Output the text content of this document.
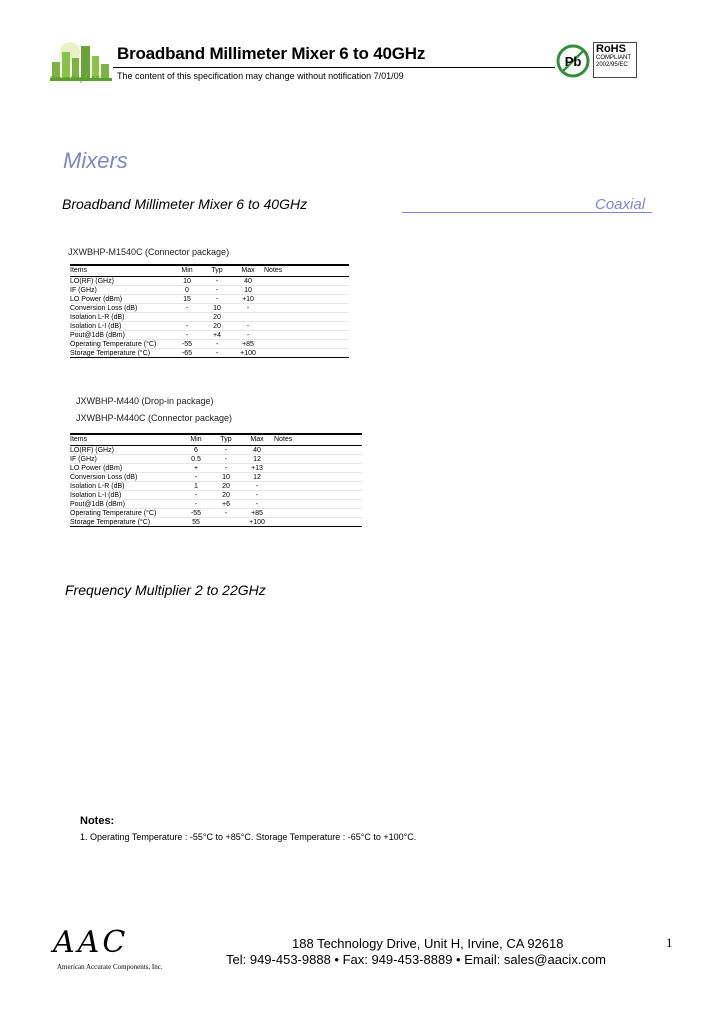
GreenCity AAC
Broadband Millimeter Mixer 6 to 40GHz
The content of this specification may change without notification 7/01/09
Pb
RoHS
COMPLIANT
2002/95/EC
Mixers
Broadband Millimeter Mixer 6 to 40GHz	Coaxial
JXWBHP-M1540C (Connector package)
Items	Min	Typ	Max	Notes
LO(RF) (GHz)	10	-	40	
IF (GHz)	0	-	10	
LO Power (dBm)	15	-	+10	
Conversion Loss (dB)	-	10	-	
Isolation L-R (dB)		20		
Isolation L-I (dB)	-	20	-	
Pout@1dB (dBm)	-	+4	-	
Operating Temperature (°C)	-55	-	+85	
Storage Temperature (°C)	-65	-	+100	
JXWBHP-M440 (Drop-in package)
JXWBHP-M440C (Connector package)
Items	Min	Typ	Max	Notes
LO(RF) (GHz)	6	-	40	
IF (GHz)	0.5	-	12	
LO Power (dBm)	+	-	+13	
Conversion Loss (dB)	-	10	12	
Isolation L-R (dB)	1	20	-	
Isolation L-I (dB)	-	20	-	
Pout@1dB (dBm)	-	+6	-	
Operating Temperature (°C)	-55	-	+85	
Storage Temperature (°C)	55		+100	
Frequency Multiplier 2 to 22GHz
Notes:
1. Operating Temperature : -55°C to +85°C. Storage Temperature : -65°C to +100°C.
AAC
American Accurate Components, Inc.
188 Technology Drive, Unit H, Irvine, CA 92618
Tel: 949-453-9888 • Fax: 949-453-8889 • Email: sales@aacix.com
1
